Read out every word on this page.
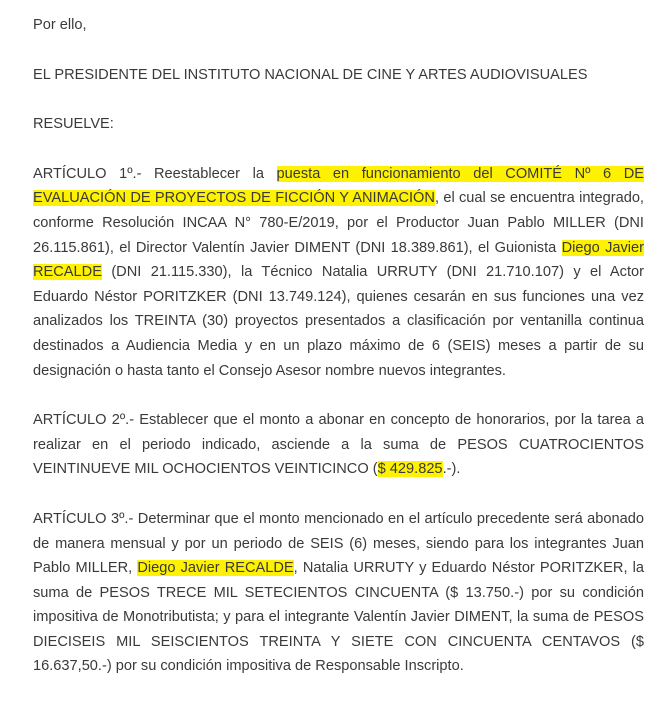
Por ello,

EL PRESIDENTE DEL INSTITUTO NACIONAL DE CINE Y ARTES AUDIOVISUALES

RESUELVE:

ARTÍCULO 1º.- Reestablecer la puesta en funcionamiento del COMITÉ Nº 6 DE EVALUACIÓN DE PROYECTOS DE FICCIÓN Y ANIMACIÓN, el cual se encuentra integrado, conforme Resolución INCAA N° 780-E/2019, por el Productor Juan Pablo MILLER (DNI 26.115.861), el Director Valentín Javier DIMENT (DNI 18.389.861), el Guionista Diego Javier RECALDE (DNI 21.115.330), la Técnico Natalia URRUTY (DNI 21.710.107) y el Actor Eduardo Néstor PORITZKER (DNI 13.749.124), quienes cesarán en sus funciones una vez analizados los TREINTA (30) proyectos presentados a clasificación por ventanilla continua destinados a Audiencia Media y en un plazo máximo de 6 (SEIS) meses a partir de su designación o hasta tanto el Consejo Asesor nombre nuevos integrantes.

ARTÍCULO 2º.- Establecer que el monto a abonar en concepto de honorarios, por la tarea a realizar en el periodo indicado, asciende a la suma de PESOS CUATROCIENTOS VEINTINUEVE MIL OCHOCIENTOS VEINTICINCO ($ 429.825.-).

ARTÍCULO 3º.- Determinar que el monto mencionado en el artículo precedente será abonado de manera mensual y por un periodo de SEIS (6) meses, siendo para los integrantes Juan Pablo MILLER, Diego Javier RECALDE, Natalia URRUTY y Eduardo Néstor PORITZKER, la suma de PESOS TRECE MIL SETECIENTOS CINCUENTA ($ 13.750.-) por su condición impositiva de Monotributista; y para el integrante Valentín Javier DIMENT, la suma de PESOS DIECISEIS MIL SEISCIENTOS TREINTA Y SIETE CON CINCUENTA CENTAVOS ($ 16.637,50.-) por su condición impositiva de Responsable Inscripto.
